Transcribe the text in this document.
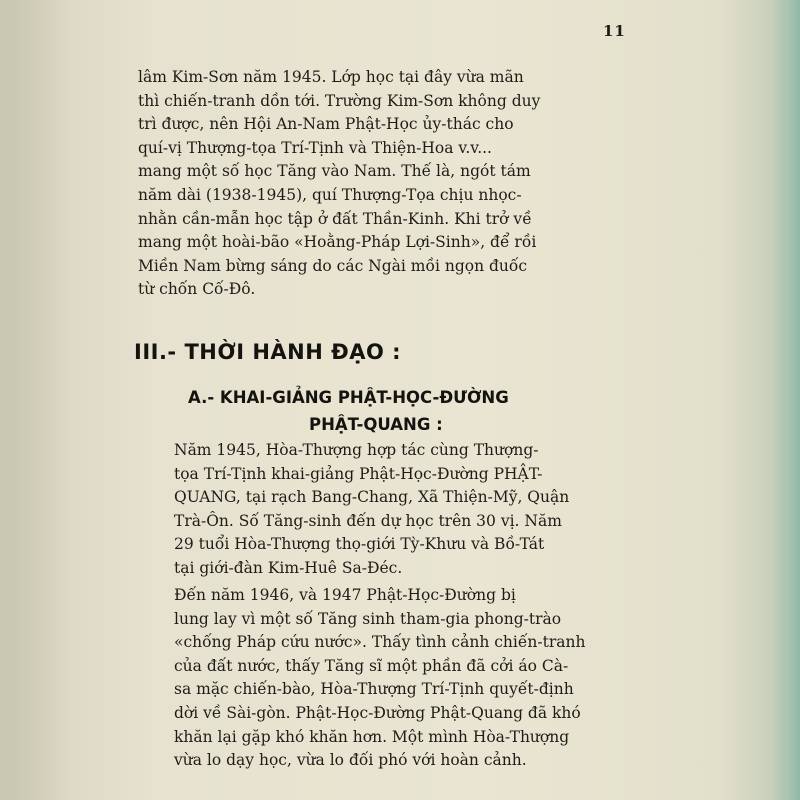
11

lâm Kim-Sơn năm 1945. Lớp học tại đây vừa mãn
thì chiến-tranh dồn tới. Trường Kim-Sơn không duy
trì được, nên Hội An-Nam Phật-Học ủy-thác cho
quí-vị Thượng-tọa Trí-Tịnh và Thiện-Hoa v.v...
mang một số học Tăng vào Nam. Thế là, ngót tám
năm dài (1938-1945), quí Thượng-Tọa chịu nhọc-
nhằn cần-mẫn học tập ở đất Thần-Kinh. Khi trở về
mang một hoài-bão «Hoằng-Pháp Lợi-Sinh», để rồi
Miền Nam bừng sáng do các Ngài mồi ngọn đuốc
từ chốn Cố-Đô.

III.- THỜI HÀNH ĐẠO :
A.- KHAI-GIẢNG PHẬT-HỌC-ĐƯỜNG
PHẬT-QUANG :

Năm 1945, Hòa-Thượng hợp tác cùng Thượng-
tọa Trí-Tịnh khai-giảng Phật-Học-Đường PHẬT-
QUANG, tại rạch Bang-Chang, Xã Thiện-Mỹ, Quận
Trà-Ôn. Số Tăng-sinh đến dự học trên 30 vị. Năm
29 tuổi Hòa-Thượng thọ-giới Tỳ-Khưu và Bồ-Tát
tại giới-đàn Kim-Huê Sa-Đéc.

Đến năm 1946, và 1947 Phật-Học-Đường bị
lung lay vì một số Tăng sinh tham-gia phong-trào
«chống Pháp cứu nước». Thấy tình cảnh chiến-tranh
của đất nước, thấy Tăng sĩ một phần đã cởi áo Cà-
sa mặc chiến-bào, Hòa-Thượng Trí-Tịnh quyết-định
dời về Sài-gòn. Phật-Học-Đường Phật-Quang đã khó
khăn lại gặp khó khăn hơn. Một mình Hòa-Thượng
vừa lo dạy học, vừa lo đối phó với hoàn cảnh.
